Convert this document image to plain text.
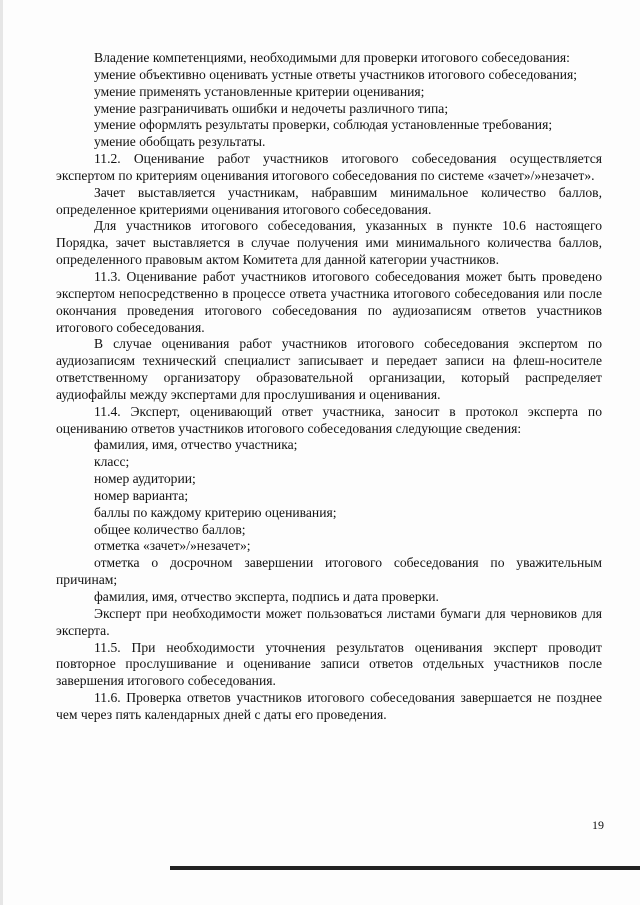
Владение компетенциями, необходимыми для проверки итогового собеседования:

умение объективно оценивать устные ответы участников итогового собеседования;

умение применять установленные критерии оценивания;

умение разграничивать ошибки и недочеты различного типа;

умение оформлять результаты проверки, соблюдая установленные требования;

умение обобщать результаты.

11.2. Оценивание работ участников итогового собеседования осуществляется экспертом по критериям оценивания итогового собеседования по системе «зачет»/»незачет».

Зачет выставляется участникам, набравшим минимальное количество баллов, определенное критериями оценивания итогового собеседования.

Для участников итогового собеседования, указанных в пункте 10.6 настоящего Порядка, зачет выставляется в случае получения ими минимального количества баллов, определенного правовым актом Комитета для данной категории участников.

11.3. Оценивание работ участников итогового собеседования может быть проведено экспертом непосредственно в процессе ответа участника итогового собеседования или после окончания проведения итогового собеседования по аудиозаписям ответов участников итогового собеседования.

В случае оценивания работ участников итогового собеседования экспертом по аудиозаписям технический специалист записывает и передает записи на флеш-носителе ответственному организатору образовательной организации, который распределяет аудиофайлы между экспертами для прослушивания и оценивания.

11.4. Эксперт, оценивающий ответ участника, заносит в протокол эксперта по оцениванию ответов участников итогового собеседования следующие сведения:

фамилия, имя, отчество участника;

класс;

номер аудитории;

номер варианта;

баллы по каждому критерию оценивания;

общее количество баллов;

отметка «зачет»/»незачет»;

отметка о досрочном завершении итогового собеседования по уважительным причинам;

фамилия, имя, отчество эксперта, подпись и дата проверки.

Эксперт при необходимости может пользоваться листами бумаги для черновиков для эксперта.

11.5. При необходимости уточнения результатов оценивания эксперт проводит повторное прослушивание и оценивание записи ответов отдельных участников после завершения итогового собеседования.

11.6. Проверка ответов участников итогового собеседования завершается не позднее чем через пять календарных дней с даты его проведения.

19
